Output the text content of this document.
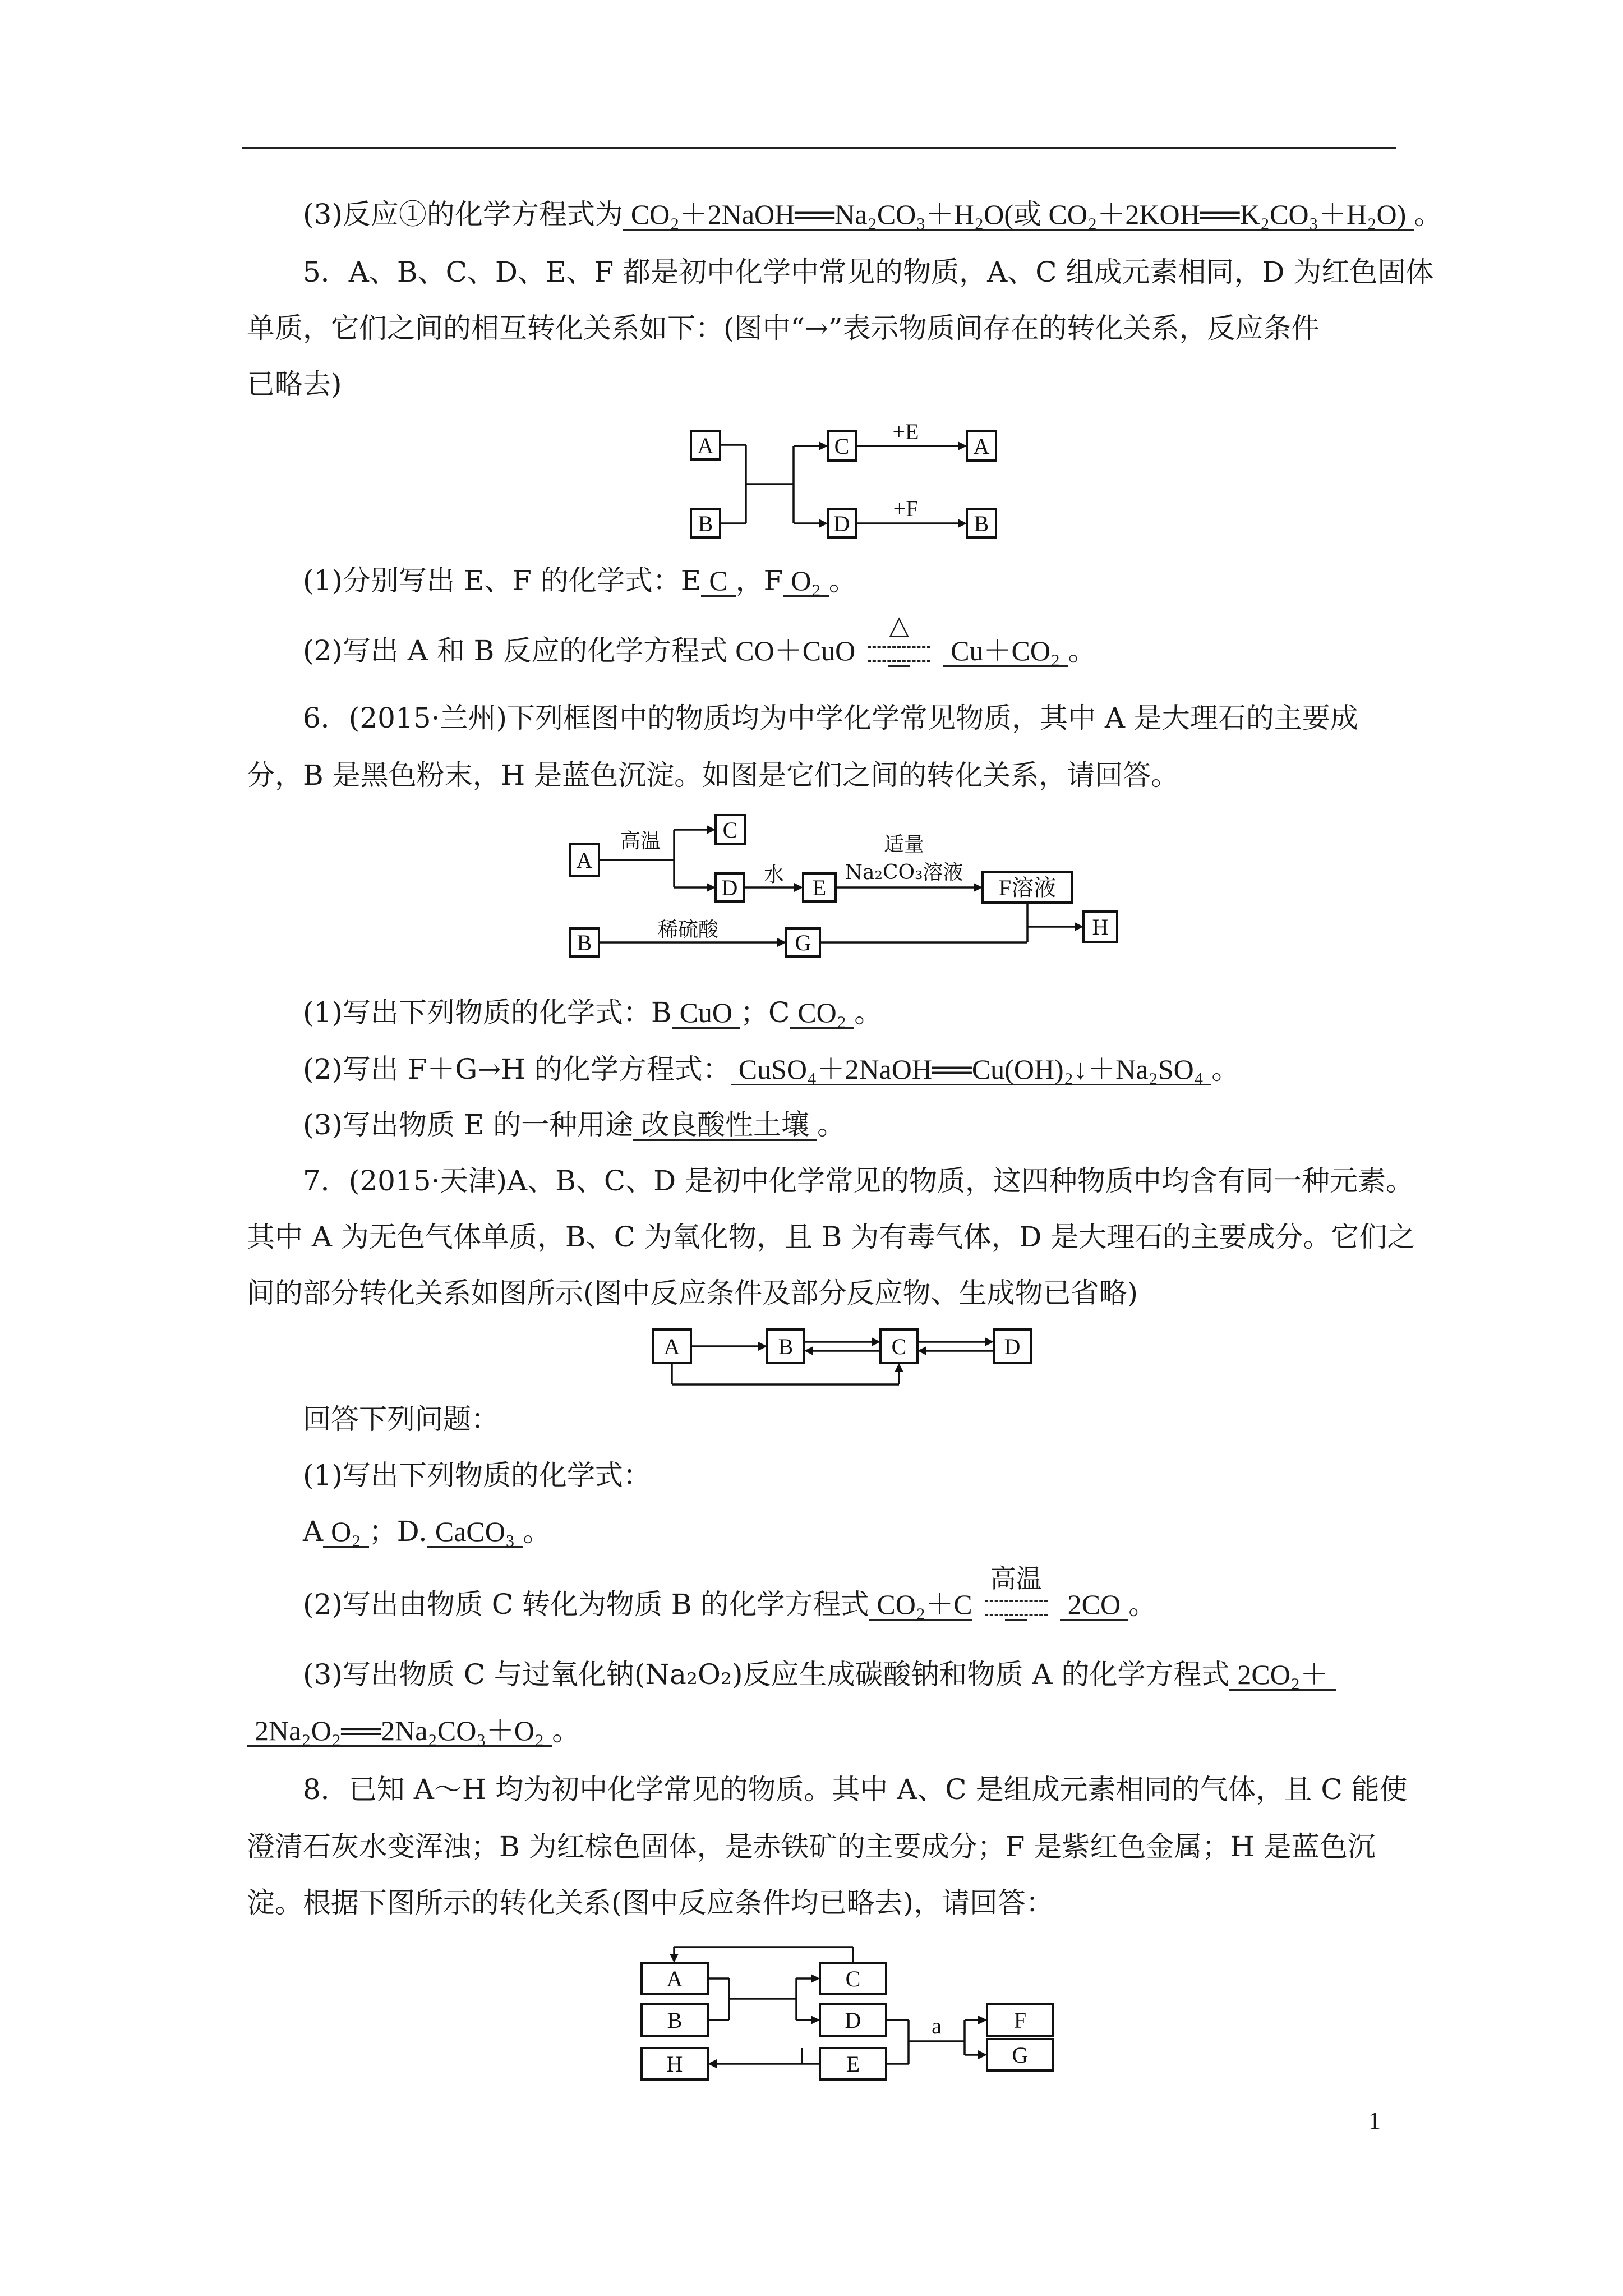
(3)反应①的化学方程式为 CO₂＋2NaOH══Na₂CO₃＋H₂O(或 CO₂＋2KOH══K₂CO₃＋H₂O) 。
5．A、B、C、D、E、F 都是初中化学中常见的物质，A、C 组成元素相同，D 为红色固体
单质，它们之间的相互转化关系如下：(图中“→”表示物质间存在的转化关系，反应条件
已略去)
A
B
C
D
A
B
+E
+F
(1)分别写出 E、F 的化学式：E C ，F O₂ 。
(2)写出 A 和 B 反应的化学方程式 CO＋CuO
△
Cu＋CO₂ 。
6．(2015·兰州)下列框图中的物质均为中学化学常见物质，其中 A 是大理石的主要成
分，B 是黑色粉末，H 是蓝色沉淀。如图是它们之间的转化关系，请回答。
A
C
D	E	F溶液
B	G
H
高温
水
适量
Na₂CO₃溶液
稀硫酸
(1)写出下列物质的化学式：B CuO ；C CO₂ 。
(2)写出 F＋G→H 的化学方程式： CuSO₄＋2NaOH══Cu(OH)₂↓＋Na₂SO₄ 。
(3)写出物质 E 的一种用途 改良酸性土壤 。
7．(2015·天津)A、B、C、D 是初中化学常见的物质，这四种物质中均含有同一种元素。
其中 A 为无色气体单质，B、C 为氧化物，且 B 为有毒气体，D 是大理石的主要成分。它们之
间的部分转化关系如图所示(图中反应条件及部分反应物、生成物已省略)
A	B	C	D
回答下列问题：
(1)写出下列物质的化学式：
A O₂ ；D. CaCO₃ 。
(2)写出由物质 C 转化为物质 B 的化学方程式 CO₂＋C
高温
2CO 。
(3)写出物质 C 与过氧化钠(Na₂O₂)反应生成碳酸钠和物质 A 的化学方程式 2CO₂＋
2Na₂O₂══2Na₂CO₃＋O₂ 。
8．已知 A～H 均为初中化学常见的物质。其中 A、C 是组成元素相同的气体，且 C 能使
澄清石灰水变浑浊；B 为红棕色固体，是赤铁矿的主要成分；F 是紫红色金属；H 是蓝色沉
淀。根据下图所示的转化关系(图中反应条件均已略去)，请回答：
A
B
H
C
D
E
F
G
a
1
